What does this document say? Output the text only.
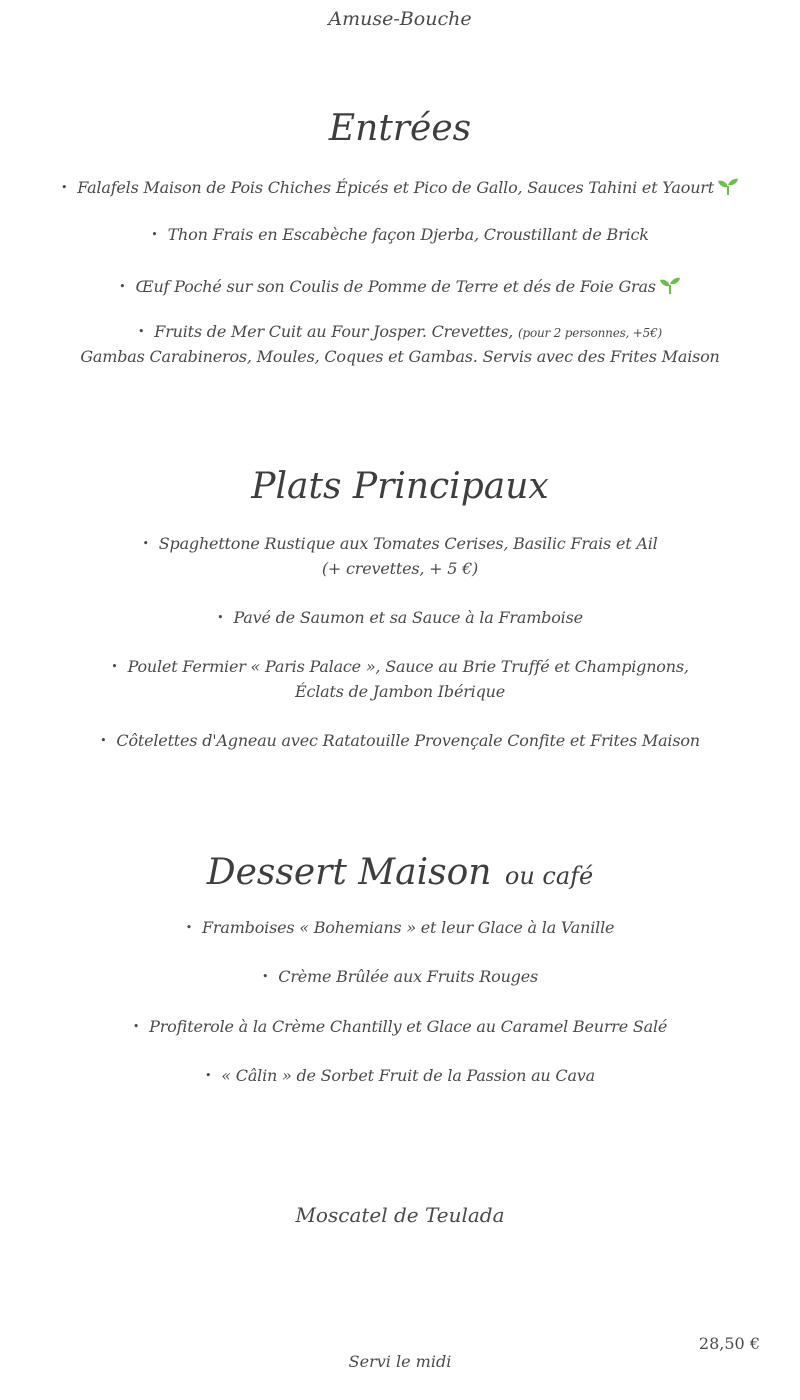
Amuse-Bouche
Entrées
• Falafels Maison de Pois Chiches Épicés et Pico de Gallo, Sauces Tahini et Yaourt
• Thon Frais en Escabèche façon Djerba, Croustillant de Brick
• Œuf Poché sur son Coulis de Pomme de Terre et dés de Foie Gras
• Fruits de Mer Cuit au Four Josper. Crevettes, (pour 2 personnes, +5€)
Gambas Carabineros, Moules, Coques et Gambas. Servis avec des Frites Maison
Plats Principaux
• Spaghettone Rustique aux Tomates Cerises, Basilic Frais et Ail
(+ crevettes, + 5 €)
• Pavé de Saumon et sa Sauce à la Framboise
• Poulet Fermier « Paris Palace », Sauce au Brie Truffé et Champignons,
Éclats de Jambon Ibérique
• Côtelettes d'Agneau avec Ratatouille Provençale Confite et Frites Maison
Dessert Maison ou café
• Framboises « Bohemians » et leur Glace à la Vanille
• Crème Brûlée aux Fruits Rouges
• Profiterole à la Crème Chantilly et Glace au Caramel Beurre Salé
• « Câlin » de Sorbet Fruit de la Passion au Cava
Moscatel de Teulada
28,50 €
Servi le midi
